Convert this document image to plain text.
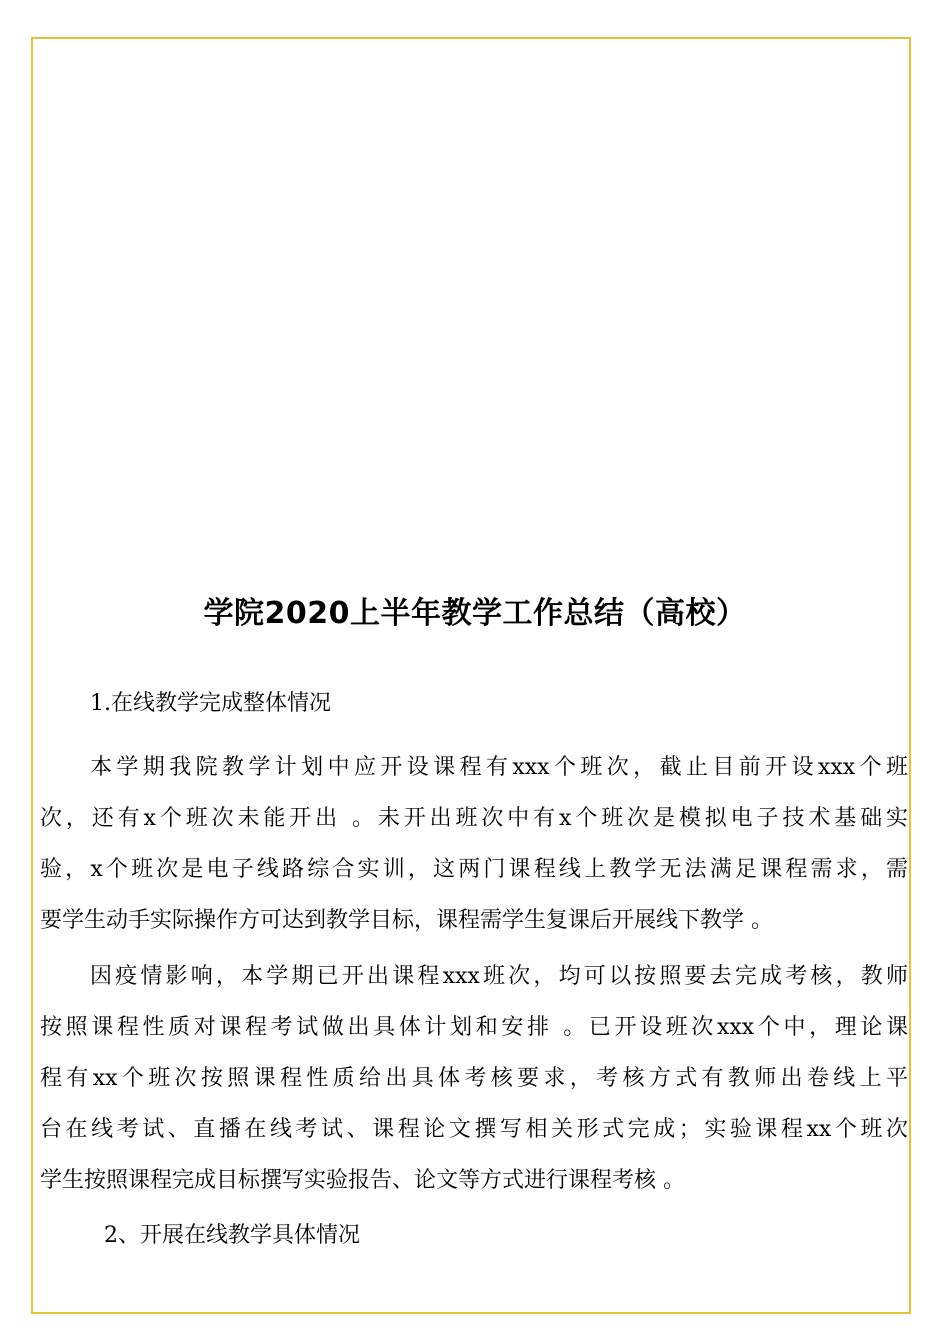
学院2020上半年教学工作总结（高校）
1.在线教学完成整体情况
本学期我院教学计划中应开设课程有xxx个班次，截止目前开设xxx个班
次，还有x个班次未能开出 。未开出班次中有x个班次是模拟电子技术基础实
验，x个班次是电子线路综合实训，这两门课程线上教学无法满足课程需求，需
要学生动手实际操作方可达到教学目标，课程需学生复课后开展线下教学 。
因疫情影响，本学期已开出课程xxx班次，均可以按照要去完成考核，教师
按照课程性质对课程考试做出具体计划和安排 。已开设班次xxx个中，理论课
程有xx个班次按照课程性质给出具体考核要求，考核方式有教师出卷线上平
台在线考试、直播在线考试、课程论文撰写相关形式完成；实验课程xx个班次
学生按照课程完成目标撰写实验报告、论文等方式进行课程考核 。
2、开展在线教学具体情况
